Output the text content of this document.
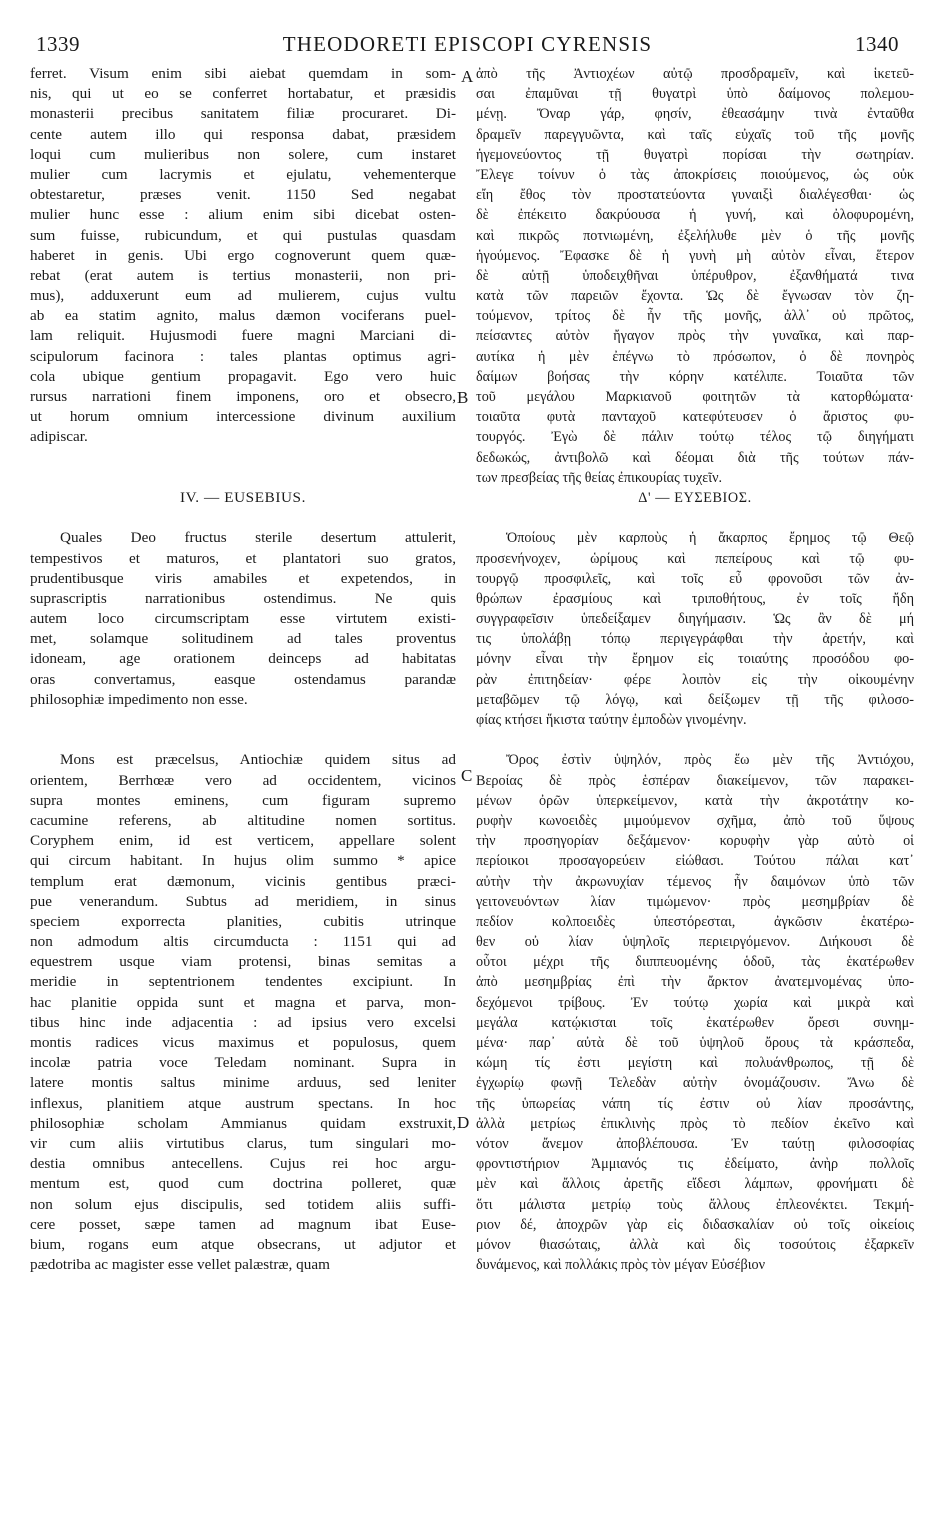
1339	THEODORETI EPISCOPI CYRENSIS	1340
ferret. Visum enim sibi aiebat quemdam in som-
nis, qui ut eo se conferret hortabatur, et præsidis
monasterii precibus sanitatem filiæ procuraret. Di-
cente autem illo qui responsa dabat, præsidem
loqui cum mulieribus non solere, cum instaret
mulier cum lacrymis et ejulatu, vehementerque
obtestaretur, præses venit. 1150 Sed negabat
mulier hunc esse : alium enim sibi dicebat osten-
sum fuisse, rubicundum, et qui pustulas quasdam
haberet in genis. Ubi ergo cognoverunt quem quæ-
rebat (erat autem is tertius monasterii, non pri-
mus), adduxerunt eum ad mulierem, cujus vultu
ab ea statim agnito, malus dæmon vociferans puel-
lam reliquit. Hujusmodi fuere magni Marciani di-
scipulorum facinora : tales plantas optimus agri-
cola ubique gentium propagavit. Ego vero huic
rursus narrationi finem imponens, oro et obsecro,
ut horum omnium intercessione divinum auxilium
adipiscar.
IV. — EUSEBIUS.
Quales Deo fructus sterile desertum attulerit,
tempestivos et maturos, et plantatori suo gratos,
prudentibusque viris amabiles et expetendos, in
suprascriptis narrationibus ostendimus. Ne quis
autem loco circumscriptam esse virtutem existi-
met, solamque solitudinem ad tales proventus
idoneam, age orationem deinceps ad habitatas
oras convertamus, easque ostendamus parandæ
philosophiæ impedimento non esse.
Mons est præcelsus, Antiochiæ quidem situs ad
orientem, Berrhœæ vero ad occidentem, vicinos
supra montes eminens, cum figuram supremo
cacumine referens, ab altitudine nomen sortitus.
Coryphem enim, id est verticem, appellare solent
qui circum habitant. In hujus olim summo * apice
templum erat dæmonum, vicinis gentibus præci-
pue venerandum. Subtus ad meridiem, in sinus
speciem exporrecta planities, cubitis utrinque
non admodum altis circumducta : 1151 qui ad
equestrem usque viam protensi, binas semitas a
meridie in septentrionem tendentes excipiunt. In
hac planitie oppida sunt et magna et parva, mon-
tibus hinc inde adjacentia : ad ipsius vero excelsi
montis radices vicus maximus et populosus, quem
incolæ patria voce Teledam nominant. Supra in
latere montis saltus minime arduus, sed leniter
inflexus, planitiem atque austrum spectans. In hoc
philosophiæ scholam Ammianus quidam exstruxit,
vir cum aliis virtutibus clarus, tum singulari mo-
destia omnibus antecellens. Cujus rei hoc argu-
mentum est, quod cum doctrina polleret, quæ
non solum ejus discipulis, sed totidem aliis suffi-
cere posset, sæpe tamen ad magnum ibat Euse-
bium, rogans eum atque obsecrans, ut adjutor et
pædotriba ac magister esse vellet palæstræ, quam
ἀπὸ τῆς Ἀντιοχέων αὐτῷ προσδραμεῖν, καὶ ἱκετεῦ-
σαι ἐπαμῦναι τῇ θυγατρὶ ὑπὸ δαίμονος πολεμου-
μένῃ. Ὄναρ γάρ, φησίν, ἐθεασάμην τινὰ ἐνταῦθα
δραμεῖν παρεγγυῶντα, καὶ ταῖς εὐχαῖς τοῦ τῆς μονῆς
ἡγεμονεύοντος τῇ θυγατρὶ πορίσαι τὴν σωτηρίαν.
Ἔλεγε τοίνυν ὁ τὰς ἀποκρίσεις ποιούμενος, ὡς οὐκ
εἴη ἔθος τὸν προστατεύοντα γυναιξὶ διαλέγεσθαι· ὡς
δὲ ἐπέκειτο δακρύουσα ἡ γυνή, καὶ ὀλοφυρομένη,
καὶ πικρῶς ποτνιωμένη, ἐξελήλυθε μὲν ὁ τῆς μονῆς
ἡγούμενος. Ἔφασκε δὲ ἡ γυνὴ μὴ αὐτὸν εἶναι, ἕτερον
δὲ αὐτῇ ὑποδειχθῆναι ὑπέρυθρον, ἐξανθήματά τινα
κατὰ τῶν παρειῶν ἔχοντα. Ὡς δὲ ἔγνωσαν τὸν ζη-
τούμενον, τρίτος δὲ ἦν τῆς μονῆς, ἀλλ᾽ οὐ πρῶτος,
πείσαντες αὐτὸν ἤγαγον πρὸς τὴν γυναῖκα, καὶ παρ-
αυτίκα ἡ μὲν ἐπέγνω τὸ πρόσωπον, ὁ δὲ πονηρὸς
δαίμων βοήσας τὴν κόρην κατέλιπε. Τοιαῦτα τῶν
τοῦ μεγάλου Μαρκιανοῦ φοιτητῶν τὰ κατορθώματα·
τοιαῦτα φυτὰ πανταχοῦ κατεφύτευσεν ὁ ἄριστος φυ-
τουργός. Ἐγὼ δὲ πάλιν τούτῳ τέλος τῷ διηγήματι
δεδωκώς, ἀντιβολῶ καὶ δέομαι διὰ τῆς τούτων πάν-
των πρεσβείας τῆς θείας ἐπικουρίας τυχεῖν.
Δ' — ΕΥΣΕΒΙΟΣ.
Ὁποίους μὲν καρποὺς ἡ ἄκαρπος ἔρημος τῷ Θεῷ
προσενήνοχεν, ὡρίμους καὶ πεπείρους καὶ τῷ φυ-
τουργῷ προσφιλεῖς, καὶ τοῖς εὖ φρονοῦσι τῶν ἀν-
θρώπων ἐρασμίους καὶ τριποθήτους, ἐν τοῖς ἤδη
συγγραφεῖσιν ὑπεδείξαμεν διηγήμασιν. Ὡς ἂν δὲ μή
τις ὑπολάβῃ τόπῳ περιγεγράφθαι τὴν ἀρετήν, καὶ
μόνην εἶναι τὴν ἔρημον εἰς τοιαύτης προσόδου φο-
ρὰν ἐπιτηδείαν· φέρε λοιπὸν εἰς τὴν οἰκουμένην
μεταβῶμεν τῷ λόγῳ, καὶ δείξωμεν τῇ τῆς φιλοσο-
φίας κτήσει ἥκιστα ταύτην ἐμποδὼν γινομένην.
Ὄρος ἐστὶν ὑψηλόν, πρὸς ἕω μὲν τῆς Ἀντιόχου,
Βεροίας δὲ πρὸς ἑσπέραν διακείμενον, τῶν παρακει-
μένων ὀρῶν ὑπερκείμενον, κατὰ τὴν ἀκροτάτην κο-
ρυφὴν κωνοειδὲς μιμούμενον σχῆμα, ἀπὸ τοῦ ὕψους
τὴν προσηγορίαν δεξάμενον· κορυφὴν γὰρ αὐτὸ οἱ
περίοικοι προσαγορεύειν εἰώθασι. Τούτου πάλαι κατ᾽
αὐτὴν τὴν ἀκρωνυχίαν τέμενος ἦν δαιμόνων ὑπὸ τῶν
γειτονευόντων λίαν τιμώμενον· πρὸς μεσημβρίαν δὲ
πεδίον κολποειδὲς ὑπεστόρεσται, ἀγκῶσιν ἑκατέρω-
θεν οὐ λίαν ὑψηλοῖς περιειργόμενον. Διήκουσι δὲ
οὗτοι μέχρι τῆς διιππευομένης ὁδοῦ, τὰς ἑκατέρωθεν
ἀπὸ μεσημβρίας ἐπὶ τὴν ἄρκτον ἀνατεμνομένας ὑπο-
δεχόμενοι τρίβους. Ἐν τούτῳ χωρία καὶ μικρὰ καὶ
μεγάλα κατῴκισται τοῖς ἑκατέρωθεν ὄρεσι συνημ-
μένα· παρ᾽ αὐτὰ δὲ τοῦ ὑψηλοῦ ὄρους τὰ κράσπεδα,
κώμη τίς ἐστι μεγίστη καὶ πολυάνθρωπος, τῇ δὲ
ἐγχωρίῳ φωνῇ Τελεδὰν αὐτὴν ὀνομάζουσιν. Ἄνω δὲ
τῆς ὑπωρείας νάπη τίς ἐστιν οὐ λίαν προσάντης,
ἀλλὰ μετρίως ἐπικλινὴς πρὸς τὸ πεδίον ἐκεῖνο καὶ
νότον ἄνεμον ἀποβλέπουσα. Ἐν ταύτῃ φιλοσοφίας
φροντιστήριον Ἀμμιανός τις ἐδείματο, ἀνὴρ πολλοῖς
μὲν καὶ ἄλλοις ἀρετῆς εἴδεσι λάμπων, φρονήματι δὲ
ὅτι μάλιστα μετρίῳ τοὺς ἄλλους ἐπλεονέκτει. Τεκμή-
ριον δέ, ἀποχρῶν γὰρ εἰς διδασκαλίαν οὐ τοῖς οἰκείοις
μόνον θιασώταις, ἀλλὰ καὶ δὶς τοσούτοις ἐξαρκεῖν
δυνάμενος, καὶ πολλάκις πρὸς τὸν μέγαν Εὐσέβιον
A
B
C
D
